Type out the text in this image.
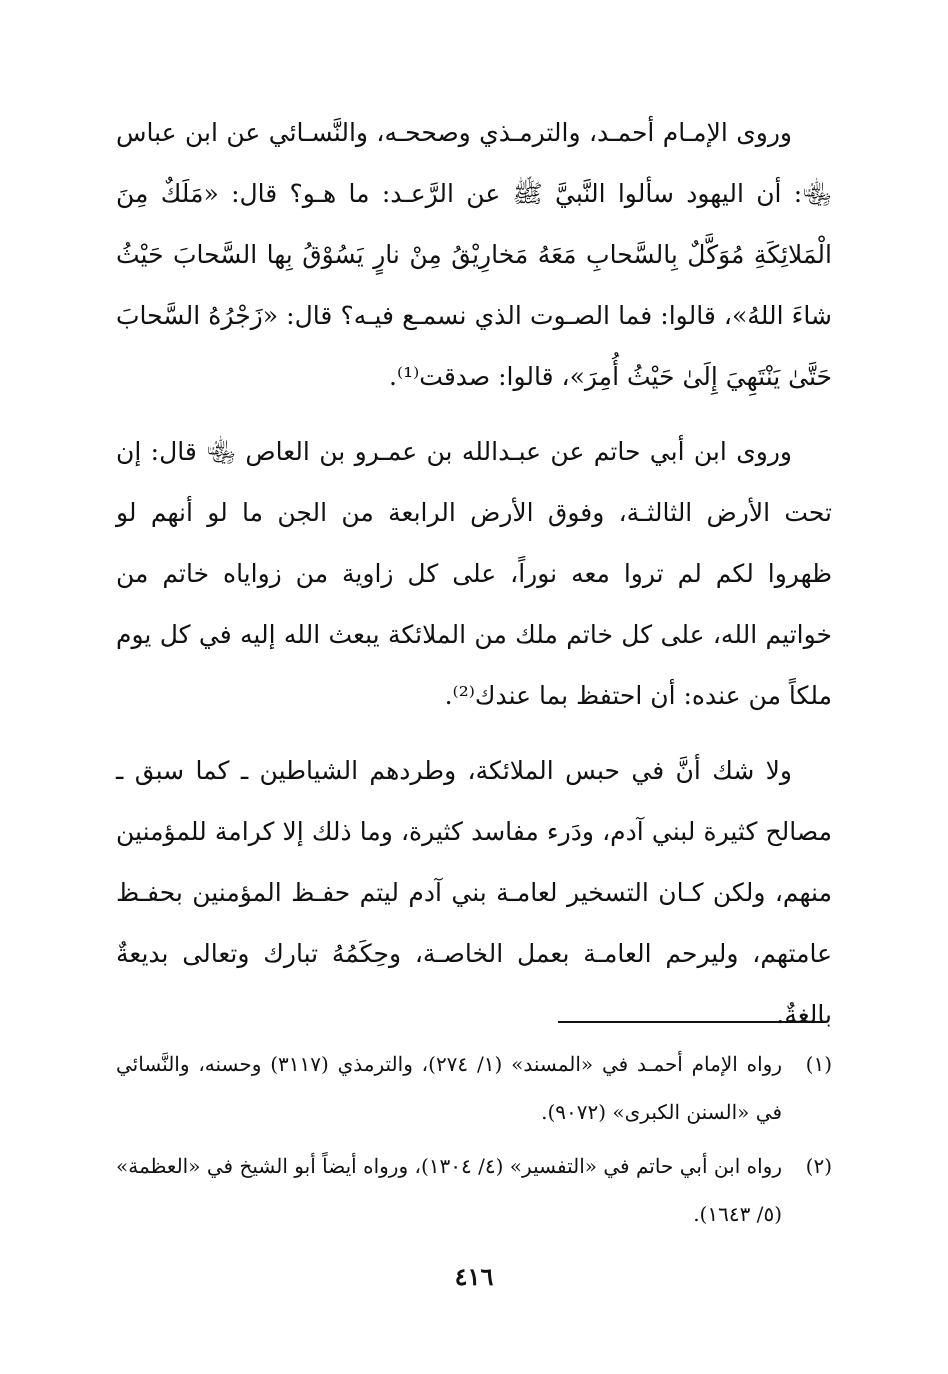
وروى الإمـام أحمـد، والترمـذي وصححـه، والنَّسـائي عن ابن عباس ﵄: أن اليهود سألوا النَّبيَّ ﷺ عن الرَّعـد: ما هـو؟ قال: «مَلَكٌ مِنَ الْمَلائِكَةِ مُوَكَّلٌ بِالسَّحابِ مَعَهُ مَخارِيْقُ مِنْ نارٍ يَسُوْقُ بِها السَّحابَ حَيْثُ شاءَ اللهُ»، قالوا: فما الصـوت الذي نسمـع فيـه؟ قال: «زَجْرُهُ السَّحابَ حَتَّىٰ يَنْتَهِيَ إِلَىٰ حَيْثُ أُمِرَ»، قالوا: صدقت⁽¹⁾.

وروى ابن أبي حاتم عن عبـدالله بن عمـرو بن العاص ﵄ قال: إن تحت الأرض الثالثـة، وفوق الأرض الرابعة من الجن ما لو أنهم لو ظهروا لكم لم تروا معه نوراً، على كل زاوية من زواياه خاتم من خواتيم الله، على كل خاتم ملك من الملائكة يبعث الله إليه في كل يوم ملكاً من عنده: أن احتفظ بما عندك⁽²⁾.

ولا شك أنَّ في حبس الملائكة، وطردهم الشياطين ـ كما سبق ـ مصالح كثيرة لبني آدم، ودَرء مفاسد كثيرة، وما ذلك إلا كرامة للمؤمنين منهم، ولكن كـان التسخير لعامـة بني آدم ليتم حفـظ المؤمنين بحفـظ عامتهم، وليرحم العامـة بعمل الخاصـة، وحِكَمُهُ تبارك وتعالى بديعةٌ بالغةٌ.

(١)
رواه الإمام أحمـد في «المسند» (١/ ٢٧٤)، والترمذي (٣١١٧) وحسنه، والنَّسائي في «السنن الكبرى» (٩٠٧٢).
(٢)
رواه ابن أبي حاتم في «التفسير» (٤/ ١٣٠٤)، ورواه أيضاً أبو الشيخ في «العظمة» (٥/ ١٦٤٣).
٤١٦
